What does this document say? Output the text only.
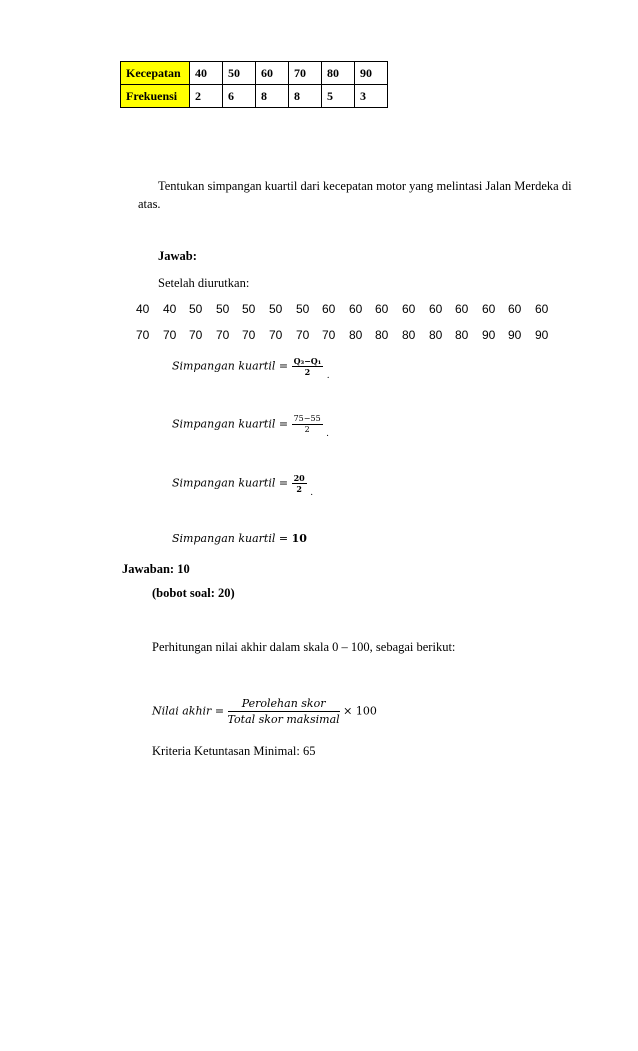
Kecepatan	40	50	60	70	80	90
Frekuensi	2	6	8	8	5	3
Tentukan simpangan kuartil dari kecepatan motor yang melintasi Jalan Merdeka di
atas.
Jawab:
Setelah diurutkan:
40 40 50 50 50 50 50 60 60 60 60 60 60 60 60 60
70 70 70 70 70 70 70 70 80 80 80 80 80 90 90 90
Simpangan kuartil = $\frac{\text{Q₃−Q₁}}{2} _.$
Simpangan kuartil = $\frac{75-55}{2} _.$
Simpangan kuartil = $\frac{20}{2} _.$
Simpangan kuartil = 10
Jawaban: 10
(bobot soal: 20)
Perhitungan nilai akhir dalam skala 0 – 100, sebagai berikut:
Nilai akhir = $\frac{\text{Perolehan skor}}{\text{Total skor maksimal}} \times 100$
Kriteria Ketuntasan Minimal: 65
